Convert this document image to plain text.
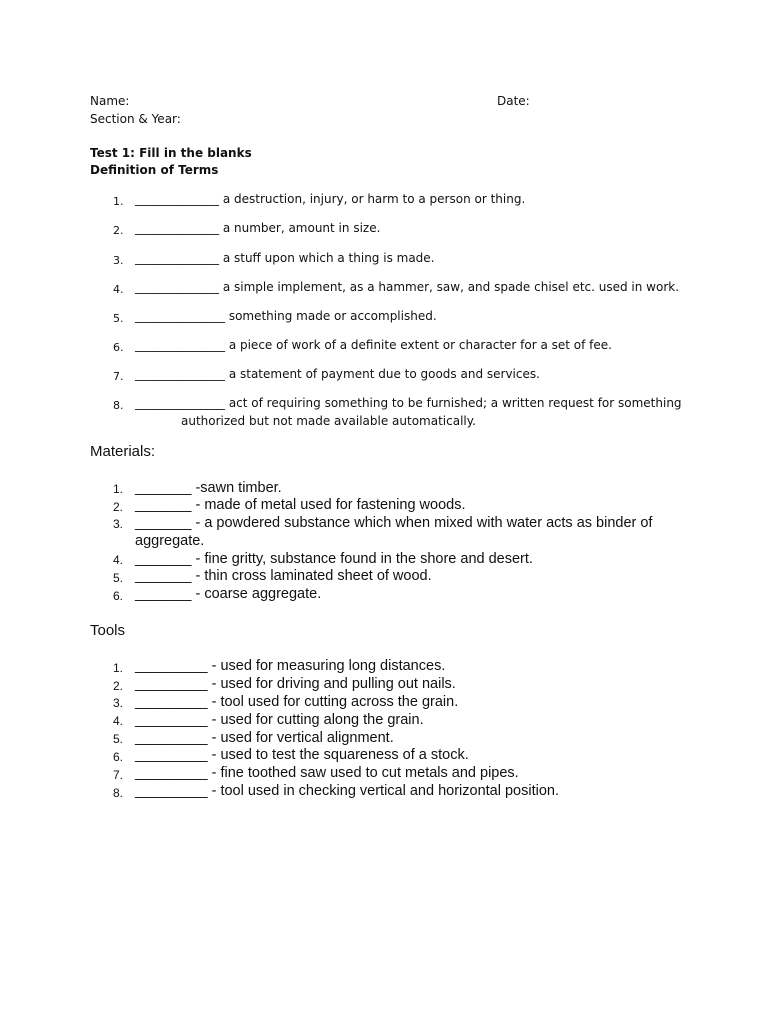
Name:	Date:
Section & Year:
Test 1: Fill in the blanks
Definition of Terms
1. ______________ a destruction, injury, or harm to a person or thing.
2. ______________ a number, amount in size.
3. ______________ a stuff upon which a thing is made.
4. ______________ a simple implement, as a hammer, saw, and spade chisel etc. used in work.
5. _______________ something made or accomplished.
6. _______________ a piece of work of a definite extent or character for a set of fee.
7. _______________ a statement of payment due to goods and services.
8. _______________ act of requiring something to be furnished; a written request for something
authorized but not made available automatically.
Materials:
1. _______ -sawn timber.
2. _______ - made of metal used for fastening woods.
3. _______ - a powdered substance which when mixed with water acts as binder of
aggregate.
4. _______ - fine gritty, substance found in the shore and desert.
5. _______ - thin cross laminated sheet of wood.
6. _______ - coarse aggregate.
Tools
1. _________ - used for measuring long distances.
2. _________ - used for driving and pulling out nails.
3. _________ - tool used for cutting across the grain.
4. _________ - used for cutting along the grain.
5. _________ - used for vertical alignment.
6. _________ - used to test the squareness of a stock.
7. _________ - fine toothed saw used to cut metals and pipes.
8. _________ - tool used in checking vertical and horizontal position.
